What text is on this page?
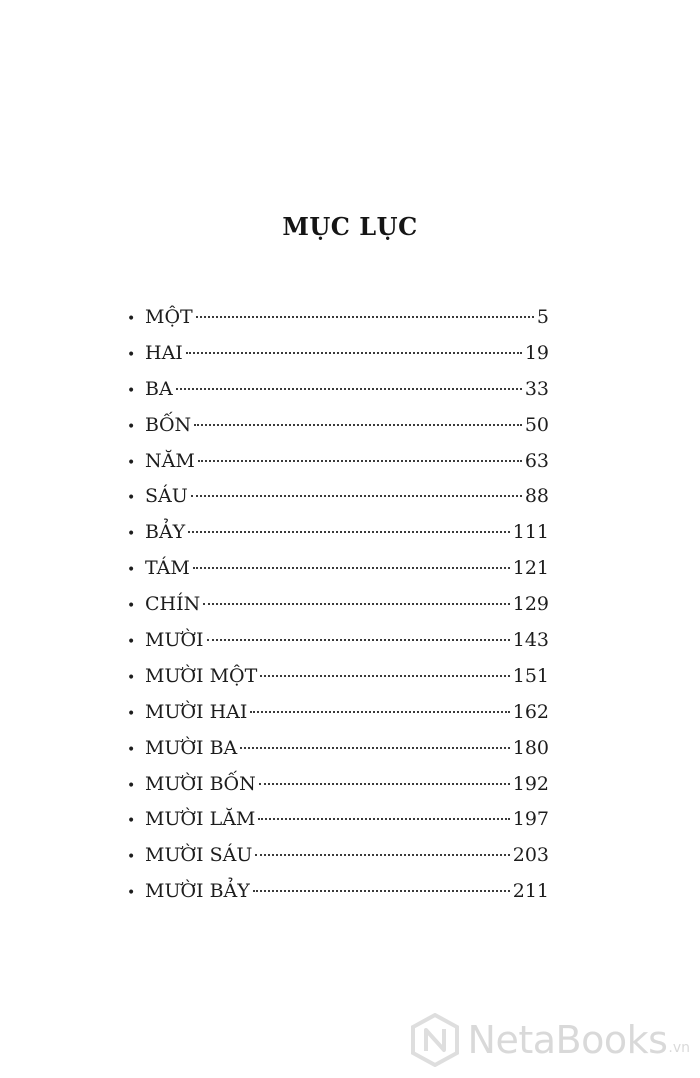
MỤC LỤC
• MỘT	5
• HAI	19
• BA	33
• BỐN	50
• NĂM	63
• SÁU	88
• BẢY	111
• TÁM	121
• CHÍN	129
• MƯỜI	143
• MƯỜI MỘT	151
• MƯỜI HAI	162
• MƯỜI BA	180
• MƯỜI BỐN	192
• MƯỜI LĂM	197
• MƯỜI SÁU	203
• MƯỜI BẢY	211
NetaBooks .vn
